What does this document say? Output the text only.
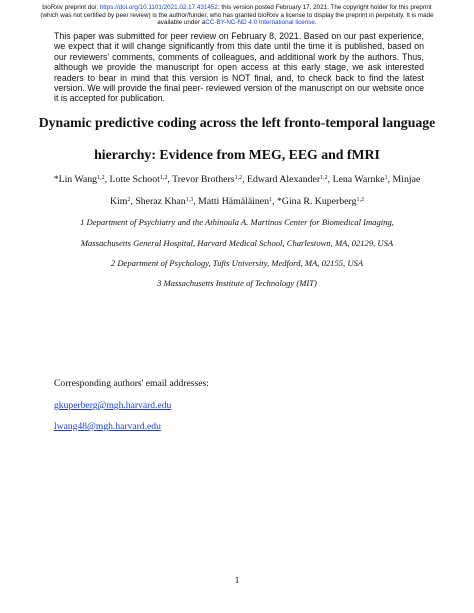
bioRxiv preprint doi: https://doi.org/10.1101/2021.02.17.431452; this version posted February 17, 2021. The copyright holder for this preprint
(which was not certified by peer review) is the author/funder, who has granted bioRxiv a license to display the preprint in perpetuity. It is made
available under aCC-BY-NC-ND 4.0 International license.
This paper was submitted for peer review on February 8, 2021. Based on our past experience, we expect that it will change significantly from this date until the time it is published, based on our reviewers' comments, comments of colleagues, and additional work by the authors. Thus, although we provide the manuscript for open access at this early stage, we ask interested readers to bear in mind that this version is NOT final, and, to check back to find the latest version. We will provide the final peer- reviewed version of the manuscript on our website once it is accepted for publication.
Dynamic predictive coding across the left fronto-temporal language
hierarchy: Evidence from MEG, EEG and fMRI
*Lin Wang$^{1,2}$, Lotte Schoot$^{1,2}$, Trevor Brothers$^{1,2}$, Edward Alexander$^{1,2}$, Lena Warnke$^1$, Minjae
Kim$^2$, Sheraz Khan$^{1,3}$, Matti Hämäläinen$^1$, *Gina R. Kuperberg$^{1,2}$
1 Department of Psychiatry and the Athinoula A. Martinos Center for Biomedical Imaging,
Massachusetts General Hospital, Harvard Medical School, Charlestown, MA, 02129, USA
2 Department of Psychology, Tufts University, Medford, MA, 02155, USA
3 Massachusetts Institute of Technology (MIT)
Corresponding authors' email addresses:
gkuperberg@mgh.harvard.edu
lwang48@mgh.harvard.edu
1
